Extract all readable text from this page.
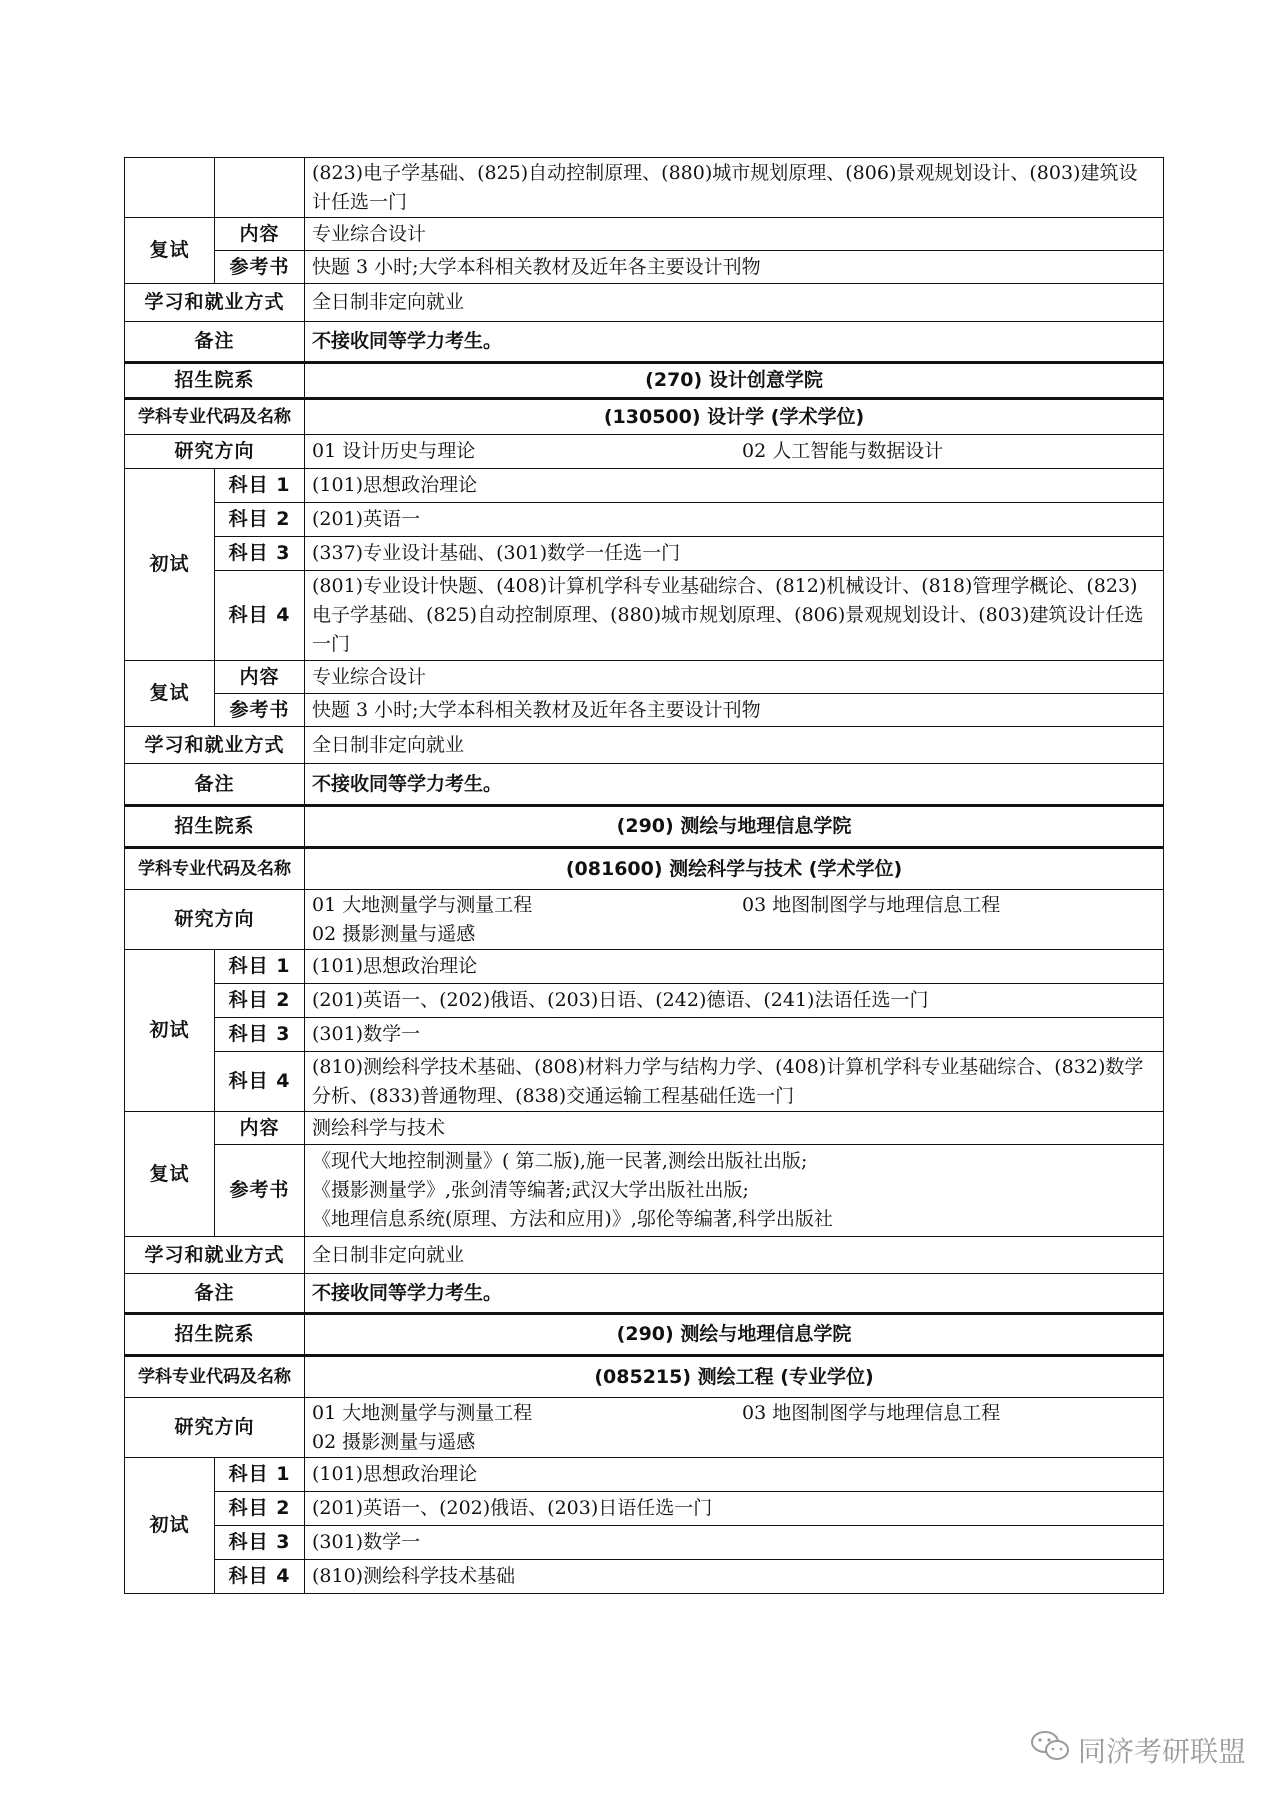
		(823)电子学基础、(825)自动控制原理、(880)城市规划原理、(806)景观规划设计、(803)建筑设计任选一门
复试	内容	专业综合设计
	参考书	快题 3 小时;大学本科相关教材及近年各主要设计刊物
学习和就业方式		全日制非定向就业
备注		不接收同等学力考生。
招生院系		(270) 设计创意学院
学科专业代码及名称		(130500) 设计学 (学术学位)
研究方向		01 设计历史与理论 02 人工智能与数据设计

初试	科目 1	(101)思想政治理论
	科目 2	(201)英语一
	科目 3	(337)专业设计基础、(301)数学一任选一门
	科目 4	(801)专业设计快题、(408)计算机学科专业基础综合、(812)机械设计、(818)管理学概论、(823)电子学基础、(825)自动控制原理、(880)城市规划原理、(806)景观规划设计、(803)建筑设计任选一门
复试	内容	专业综合设计
	参考书	快题 3 小时;大学本科相关教材及近年各主要设计刊物
学习和就业方式		全日制非定向就业
备注		不接收同等学力考生。
招生院系		(290) 测绘与地理信息学院
学科专业代码及名称		(081600) 测绘科学与技术 (学术学位)
研究方向		01 大地测量学与测量工程 03 地图制图学与地理信息工程
02 摄影测量与遥感

初试	科目 1	(101)思想政治理论
	科目 2	(201)英语一、(202)俄语、(203)日语、(242)德语、(241)法语任选一门
	科目 3	(301)数学一
	科目 4	(810)测绘科学技术基础、(808)材料力学与结构力学、(408)计算机学科专业基础综合、(832)数学分析、(833)普通物理、(838)交通运输工程基础任选一门
复试	内容	测绘科学与技术
	参考书	《现代大地控制测量》( 第二版),施一民著,测绘出版社出版;
《摄影测量学》,张剑清等编著;武汉大学出版社出版;
《地理信息系统(原理、方法和应用)》,邬伦等编著,科学出版社

学习和就业方式		全日制非定向就业
备注		不接收同等学力考生。
招生院系		(290) 测绘与地理信息学院
学科专业代码及名称		(085215) 测绘工程 (专业学位)
研究方向		01 大地测量学与测量工程 03 地图制图学与地理信息工程
02 摄影测量与遥感

初试	科目 1	(101)思想政治理论
	科目 2	(201)英语一、(202)俄语、(203)日语任选一门
	科目 3	(301)数学一
	科目 4	(810)测绘科学技术基础
同济考研联盟
